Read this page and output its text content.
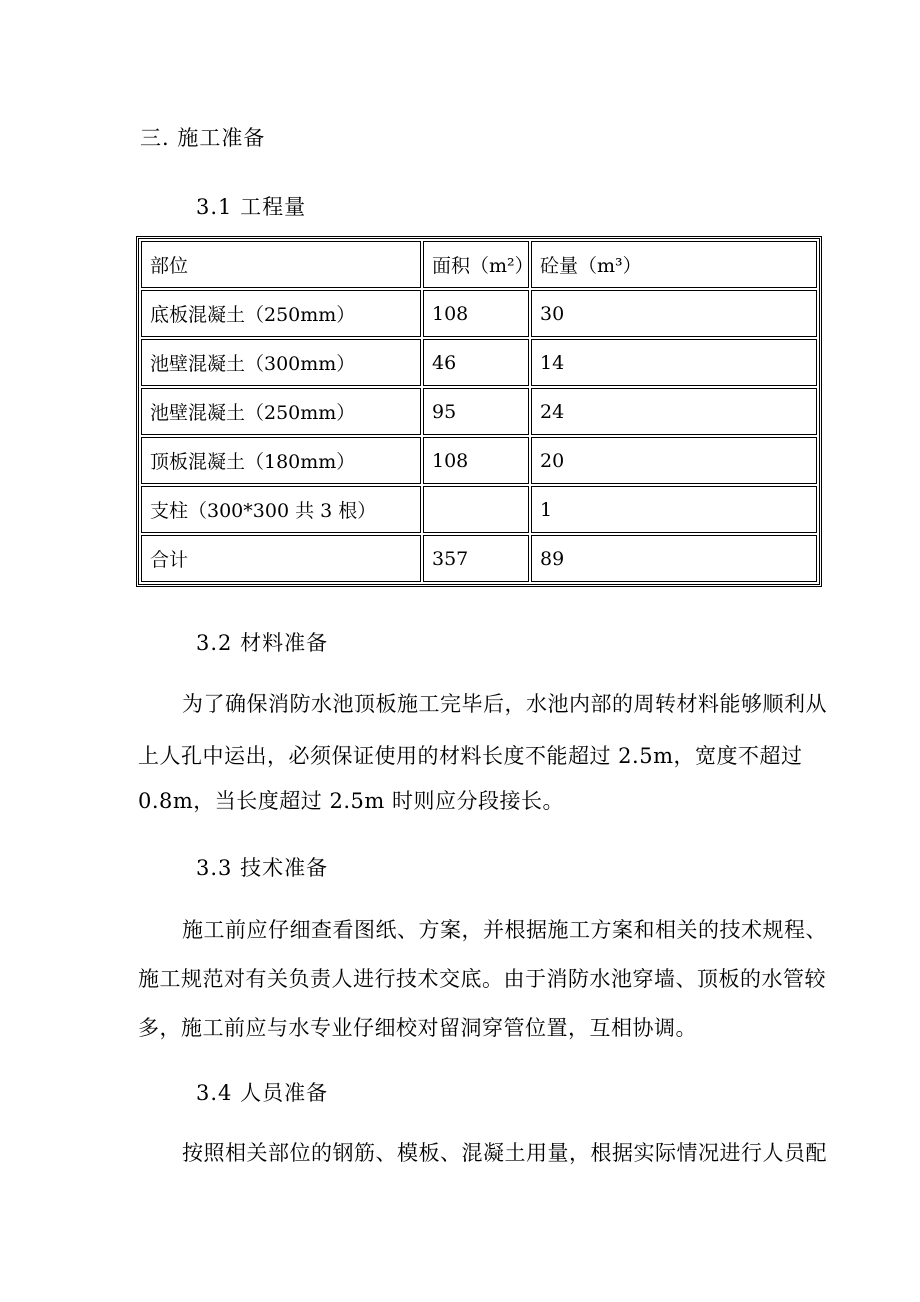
三. 施工准备
3.1 工程量
部位	面积（m²）	砼量（m³）
底板混凝土（250mm）	108	30
池壁混凝土（300mm）	46	14
池壁混凝土（250mm）	95	24
顶板混凝土（180mm）	108	20
支柱（300*300 共 3 根）		1
合计	357	89
3.2 材料准备
为了确保消防水池顶板施工完毕后，水池内部的周转材料能够顺利从
上人孔中运出，必须保证使用的材料长度不能超过 2.5m，宽度不超过
0.8m，当长度超过 2.5m 时则应分段接长。
3.3 技术准备
施工前应仔细查看图纸、方案，并根据施工方案和相关的技术规程、
施工规范对有关负责人进行技术交底。由于消防水池穿墙、顶板的水管较
多，施工前应与水专业仔细校对留洞穿管位置，互相协调。
3.4 人员准备
按照相关部位的钢筋、模板、混凝土用量，根据实际情况进行人员配
